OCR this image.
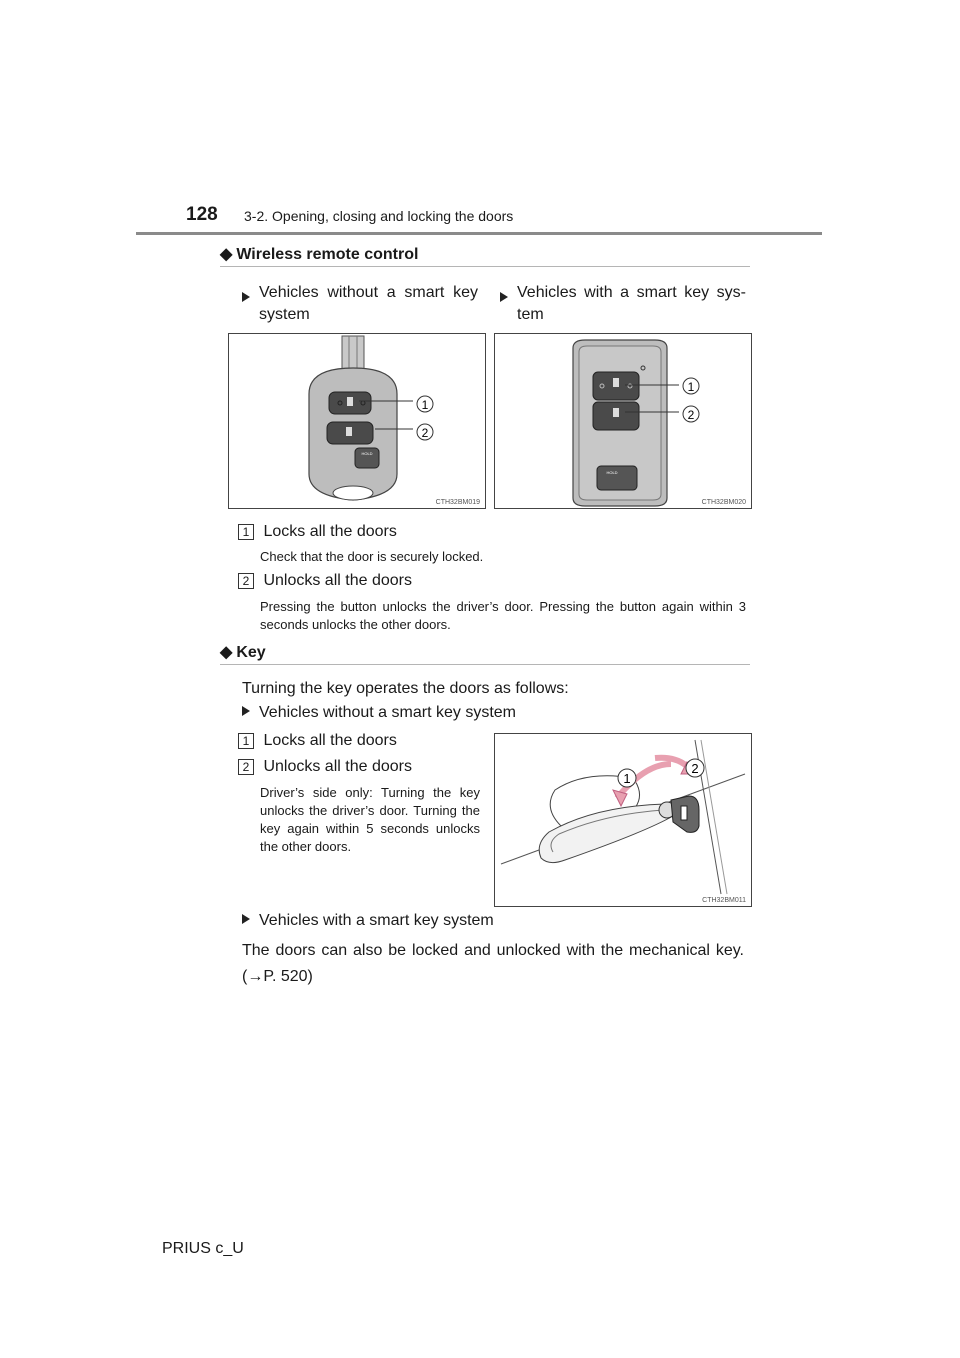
128 3-2. Opening, closing and locking the doors
◆ Wireless remote control
Vehicles without a smart key system
Vehicles with a smart key sys-tem
HOLD
1
2
CTH32BM019
HOLD
1
2
CTH32BM020
1 Locks all the doors
Check that the door is securely locked.
2 Unlocks all the doors
Pressing the button unlocks the driver’s door. Pressing the button again within 3 seconds unlocks the other doors.
◆ Key
Turning the key operates the doors as follows:
Vehicles without a smart key system
1 Locks all the doors
2 Unlocks all the doors
Driver’s side only: Turning the key unlocks the driver’s door. Turning the key again within 5 seconds unlocks the other doors.
1
2
CTH32BM011
Vehicles with a smart key system
The doors can also be locked and unlocked with the mechanical key. (→P. 520)
PRIUS c_U
